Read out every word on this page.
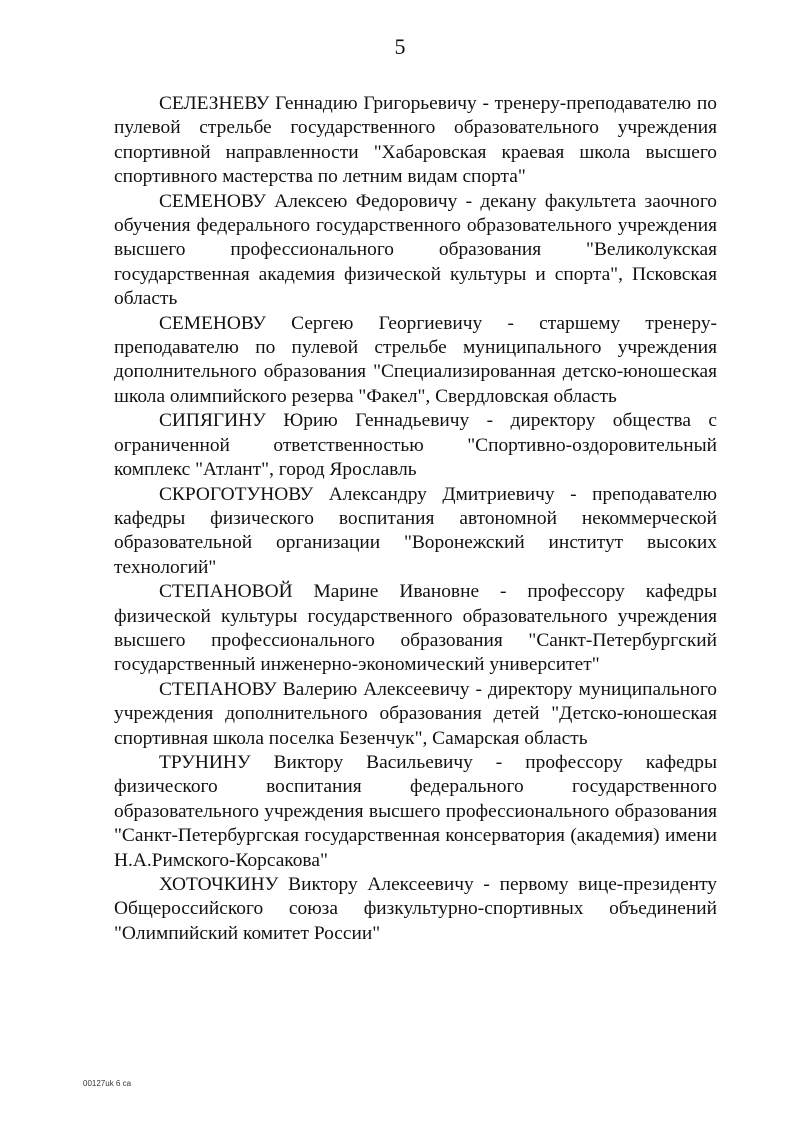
5

СЕЛЕЗНЕВУ Геннадию Григорьевичу - тренеру-преподавателю по пулевой стрельбе государственного образовательного учреждения спортивной направленности "Хабаровская краевая школа высшего спортивного мастерства по летним видам спорта"

СЕМЕНОВУ Алексею Федоровичу - декану факультета заочного обучения федерального государственного образовательного учреждения высшего профессионального образования "Великолукская государственная академия физической культуры и спорта", Псковская область

СЕМЕНОВУ Сергею Георгиевичу - старшему тренеру-преподавателю по пулевой стрельбе муниципального учреждения дополнительного образования "Специализированная детско-юношеская школа олимпийского резерва "Факел", Свердловская область

СИПЯГИНУ Юрию Геннадьевичу - директору общества с ограниченной ответственностью "Спортивно-оздоровительный комплекс "Атлант", город Ярославль

СКРОГОТУНОВУ Александру Дмитриевичу - преподавателю кафедры физического воспитания автономной некоммерческой образовательной организации "Воронежский институт высоких технологий"

СТЕПАНОВОЙ Марине Ивановне - профессору кафедры физической культуры государственного образовательного учреждения высшего профессионального образования "Санкт-Петербургский государственный инженерно-экономический университет"

СТЕПАНОВУ Валерию Алексеевичу - директору муниципального учреждения дополнительного образования детей "Детско-юношеская спортивная школа поселка Безенчук", Самарская область

ТРУНИНУ Виктору Васильевичу - профессору кафедры физического воспитания федерального государственного образовательного учреждения высшего профессионального образования "Санкт-Петербургская государственная консерватория (академия) имени Н.А.Римского-Корсакова"

ХОТОЧКИНУ Виктору Алексеевичу - первому вице-президенту Общероссийского союза физкультурно-спортивных объединений "Олимпийский комитет России"

00127uk 6 ca
